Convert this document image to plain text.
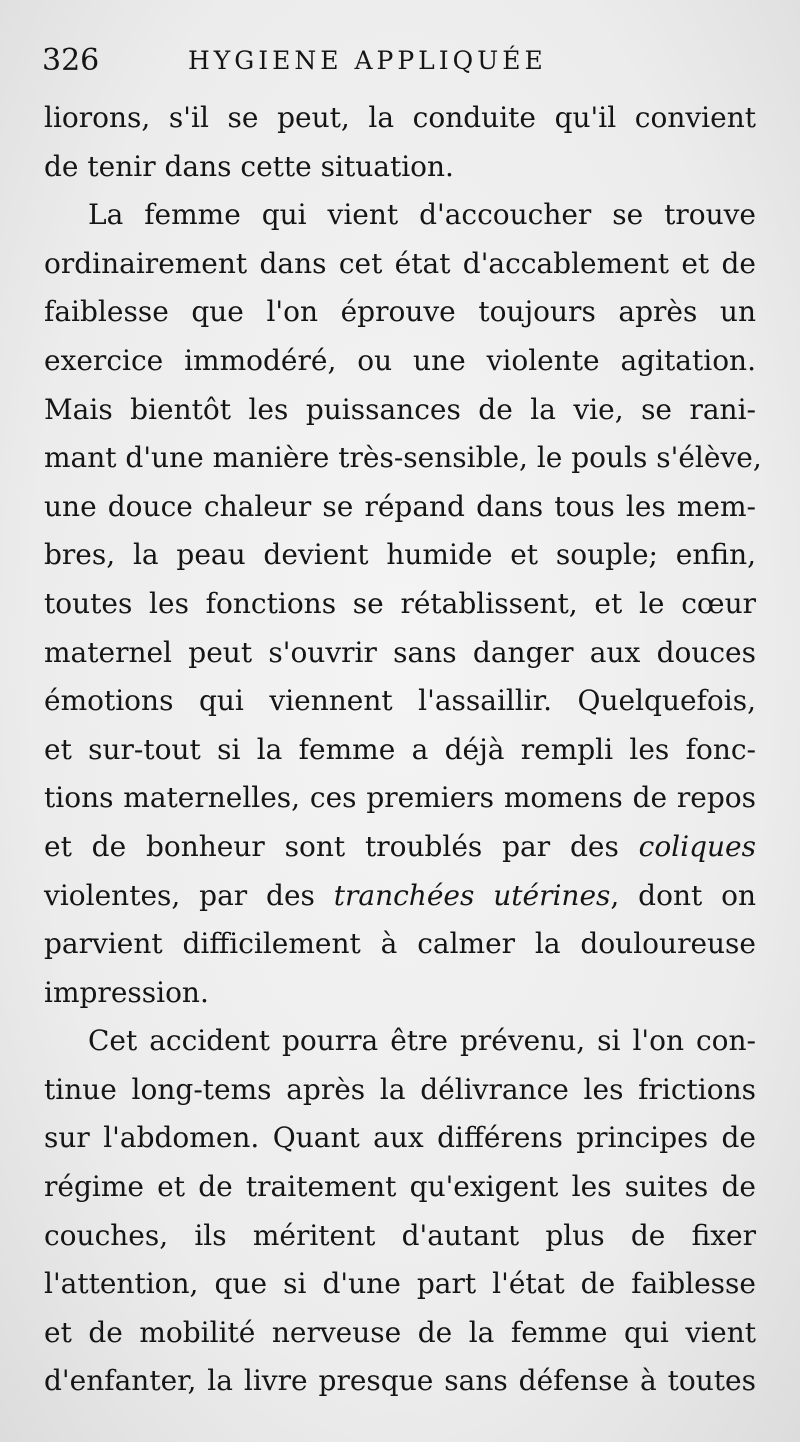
326	HYGIENE APPLIQUÉE
liorons, s'il se peut, la conduite qu'il convient
de tenir dans cette situation.
La femme qui vient d'accoucher se trouve
ordinairement dans cet état d'accablement et de
faiblesse que l'on éprouve toujours après un
exercice immodéré, ou une violente agitation.
Mais bientôt les puissances de la vie, se rani-
mant d'une manière très-sensible, le pouls s'élève,
une douce chaleur se répand dans tous les mem-
bres, la peau devient humide et souple; enfin,
toutes les fonctions se rétablissent, et le cœur
maternel peut s'ouvrir sans danger aux douces
émotions qui viennent l'assaillir. Quelquefois,
et sur-tout si la femme a déjà rempli les fonc-
tions maternelles, ces premiers momens de repos
et de bonheur sont troublés par des coliques
violentes, par des tranchées utérines, dont on
parvient difficilement à calmer la douloureuse
impression.
Cet accident pourra être prévenu, si l'on con-
tinue long-tems après la délivrance les frictions
sur l'abdomen. Quant aux différens principes de
régime et de traitement qu'exigent les suites de
couches, ils méritent d'autant plus de fixer
l'attention, que si d'une part l'état de faiblesse
et de mobilité nerveuse de la femme qui vient
d'enfanter, la livre presque sans défense à toutes
